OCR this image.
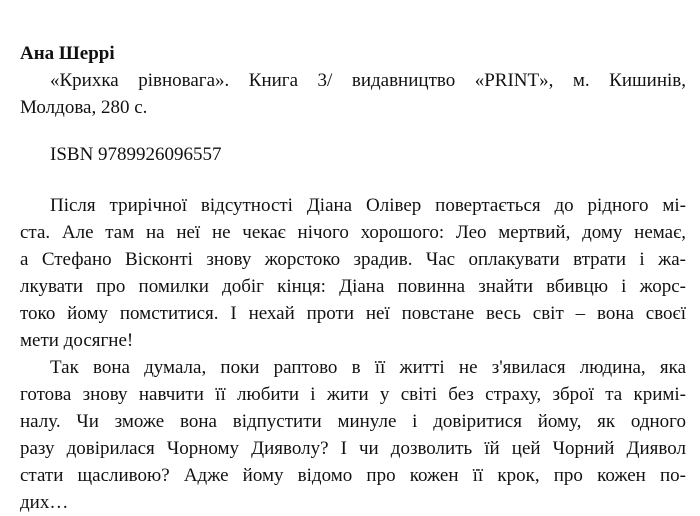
Ана Шеррі

«Крихка рівновага». Книга 3/ видавництво «PRINT», м. Кишинів,
Молдова, 280 с.

ISBN 9789926096557

Після трирічної відсутності Діана Олівер повертається до рідного мі-
ста. Але там на неї не чекає нічого хорошого: Лео мертвий, дому немає,
а Стефано Вісконті знову жорстоко зрадив. Час оплакувати втрати і жа-
лкувати про помилки добіг кінця: Діана повинна знайти вбивцю і жорс-
токо йому помститися. І нехай проти неї повстане весь світ – вона своєї
мети досягне!
Так вона думала, поки раптово в її житті не з'явилася людина, яка
готова знову навчити її любити і жити у світі без страху, зброї та кримі-
налу. Чи зможе вона відпустити минуле і довіритися йому, як одного
разу довірилася Чорному Дияволу? І чи дозволить їй цей Чорний Диявол
стати щасливою? Адже йому відомо про кожен її крок, про кожен по-
дих…
